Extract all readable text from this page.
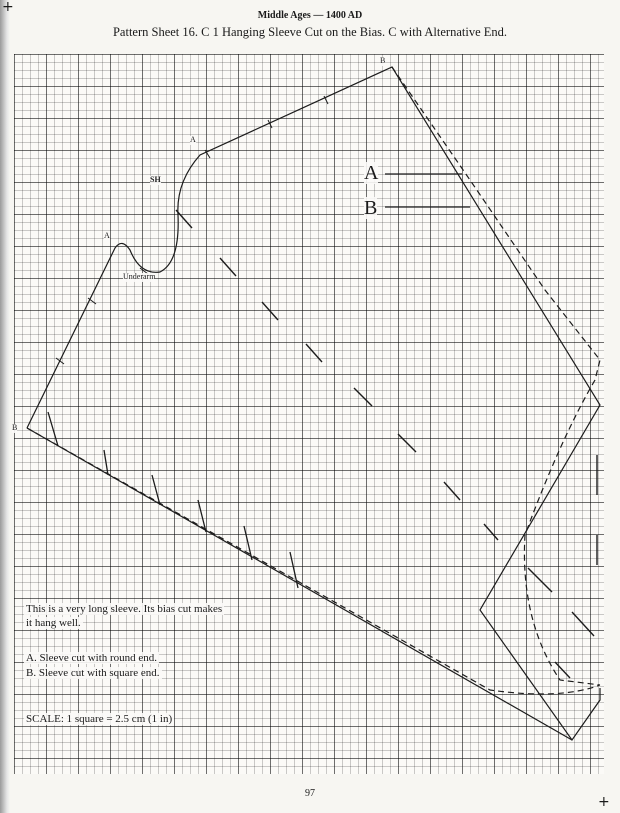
Middle Ages — 1400 AD
Pattern Sheet 16. C 1 Hanging Sleeve Cut on the Bias. C with Alternative End.
B
B
A
A
SH
Underarm
A
B
This is a very long sleeve. Its bias cut makes
it hang well.
A. Sleeve cut with round end.
B. Sleeve cut with square end.
SCALE: 1 square = 2.5 cm (1 in)
97
+
+
